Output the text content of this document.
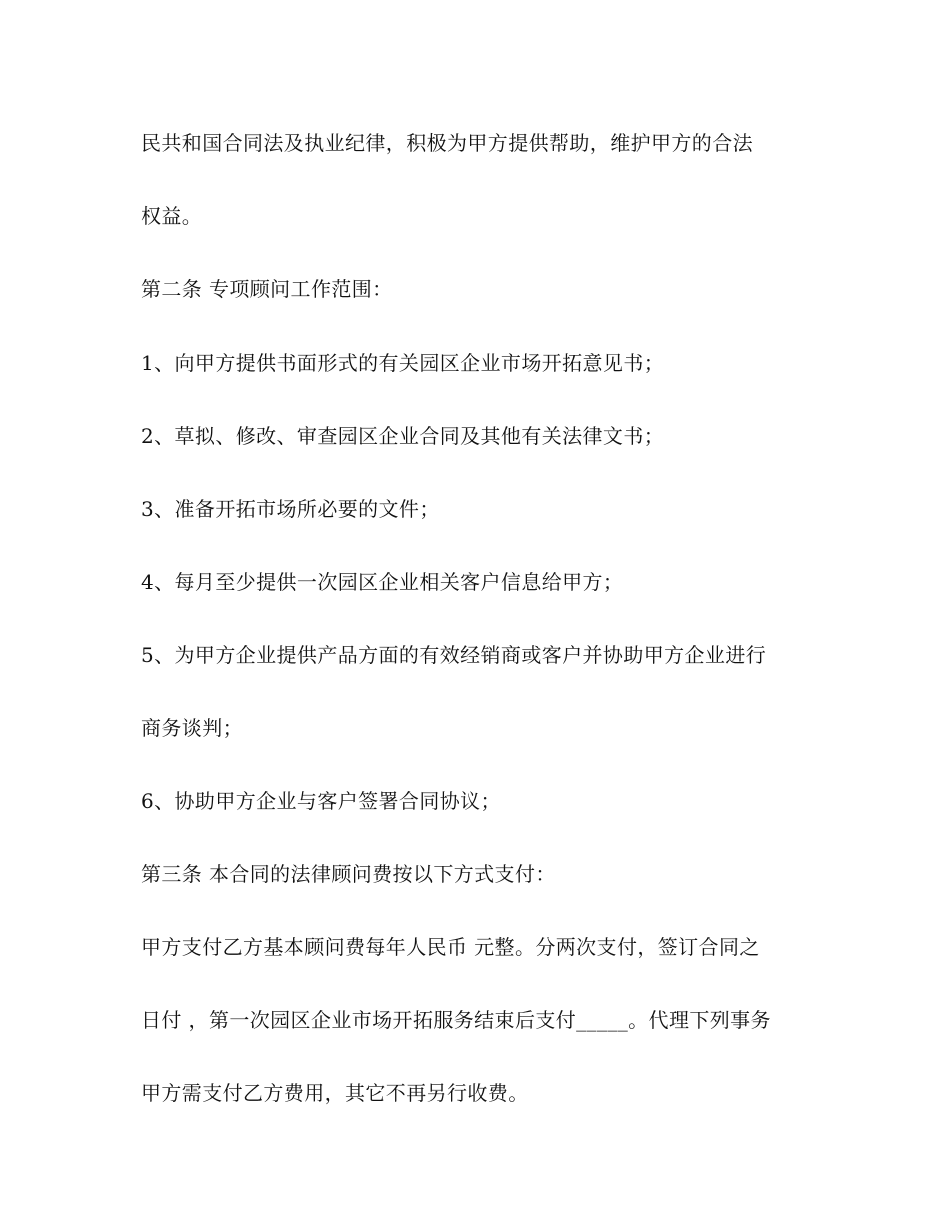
民共和国合同法及执业纪律，积极为甲方提供帮助，维护甲方的合法
权益。
第二条 专项顾问工作范围：
1、向甲方提供书面形式的有关园区企业市场开拓意见书；
2、草拟、修改、审查园区企业合同及其他有关法律文书；
3、准备开拓市场所必要的文件；
4、每月至少提供一次园区企业相关客户信息给甲方；
5、为甲方企业提供产品方面的有效经销商或客户并协助甲方企业进行
商务谈判；
6、协助甲方企业与客户签署合同协议；
第三条 本合同的法律顾问费按以下方式支付：
甲方支付乙方基本顾问费每年人民币 元整。分两次支付，签订合同之
日付 ，第一次园区企业市场开拓服务结束后支付_____。代理下列事务
甲方需支付乙方费用，其它不再另行收费。
